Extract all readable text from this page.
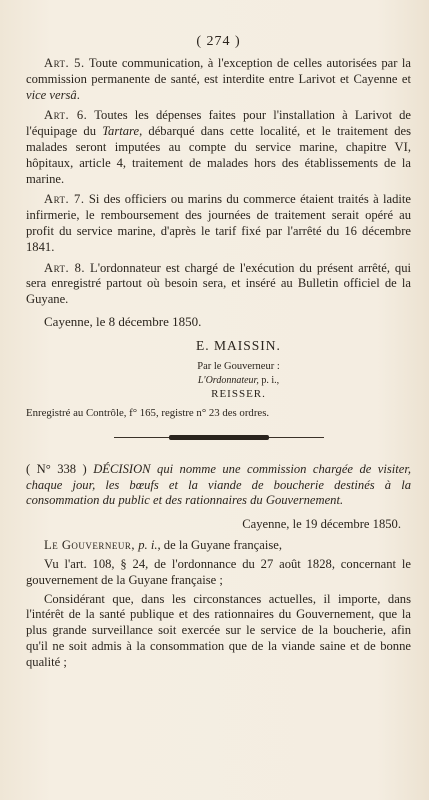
( 274 )

Art. 5. Toute communication, à l'exception de celles autorisées par la commission permanente de santé, est interdite entre Larivot et Cayenne et vice versâ.

Art. 6. Toutes les dépenses faites pour l'installation à Larivot de l'équipage du Tartare, débarqué dans cette localité, et le traitement des malades seront imputées au compte du service marine, chapitre VI, hôpitaux, article 4, traitement de malades hors des établissements de la marine.

Art. 7. Si des officiers ou marins du commerce étaient traités à ladite infirmerie, le remboursement des journées de traitement serait opéré au profit du service marine, d'après le tarif fixé par l'arrêté du 16 décembre 1841.

Art. 8. L'ordonnateur est chargé de l'exécution du présent arrêté, qui sera enregistré partout où besoin sera, et inséré au Bulletin officiel de la Guyane.

Cayenne, le 8 décembre 1850.

E. MAISSIN.
Par le Gouverneur :
L'Ordonnateur, p. i.,
REISSER.

Enregistré au Contrôle, f° 165, registre n° 23 des ordres.

( N° 338 ) DÉCISION qui nomme une commission chargée de visiter, chaque jour, les bœufs et la viande de boucherie destinés à la consommation du public et des rationnaires du Gouvernement.

Cayenne, le 19 décembre 1850.

Le Gouverneur, p. i., de la Guyane française,

Vu l'art. 108, § 24, de l'ordonnance du 27 août 1828, concernant le gouvernement de la Guyane française ;

Considérant que, dans les circonstances actuelles, il importe, dans l'intérêt de la santé publique et des rationnaires du Gouvernement, que la plus grande surveillance soit exercée sur le service de la boucherie, afin qu'il ne soit admis à la consommation que de la viande saine et de bonne qualité ;
